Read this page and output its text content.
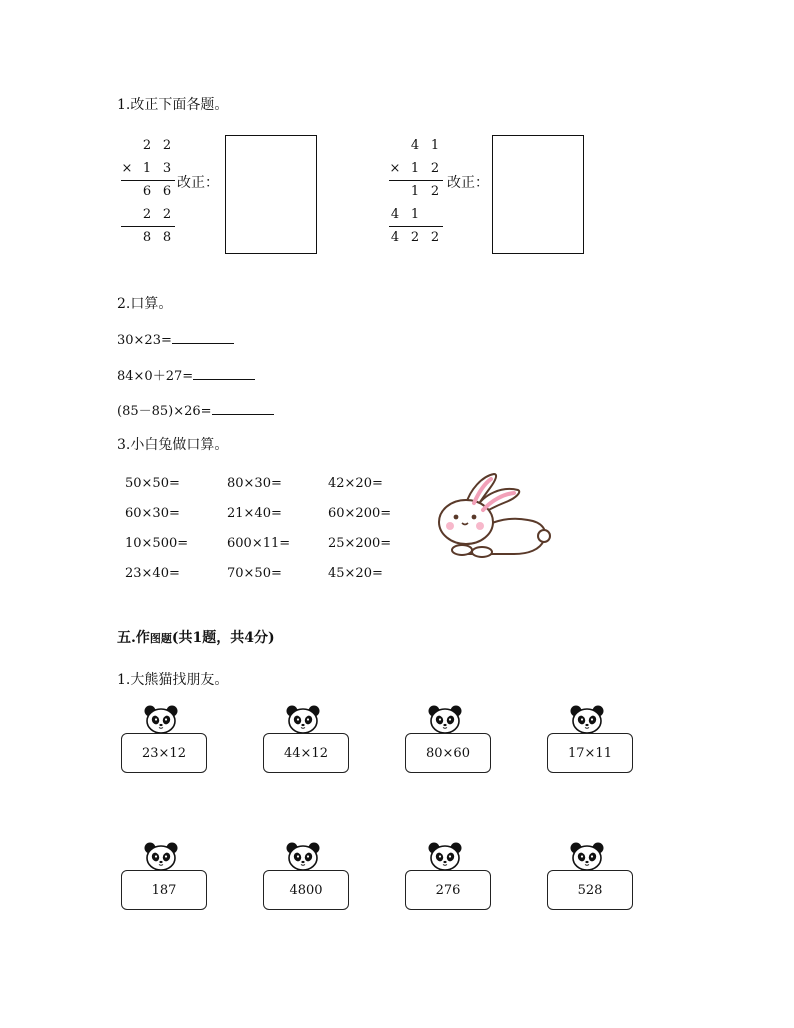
1.改正下面各题。
2 2
× 1 3
6 6
2 2
8 8
改正：
4 1
× 1 2
1 2
4 1
4 2 2
改正：
2.口算。
30×23=
84×0＋27=
(85－85)×26=
3.小白兔做口算。
50×50=	80×30=	42×20=
60×30=	21×40=	60×200=
10×500=	600×11=	25×200=
23×40=	70×50=	45×20=
五.作图题(共1题，共4分)
1.大熊猫找朋友。
23×12	44×12	80×60	17×11
187	4800	276	528
